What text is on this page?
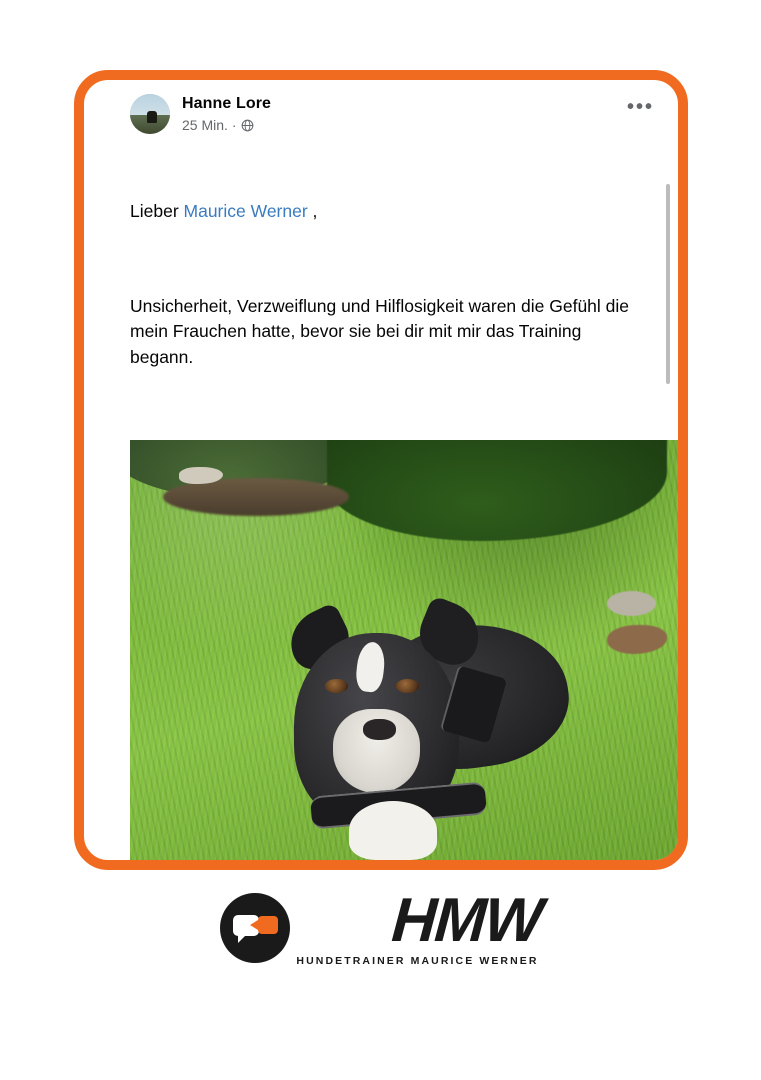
Hanne Lore
25 Min. ·
•••

Lieber Maurice Werner ,

Unsicherheit, Verzweiflung und Hilflosigkeit waren die Gefühl die mein Frauchen hatte, bevor sie bei dir mit mir das Training begann.

HMW
HUNDETRAINER MAURICE WERNER
